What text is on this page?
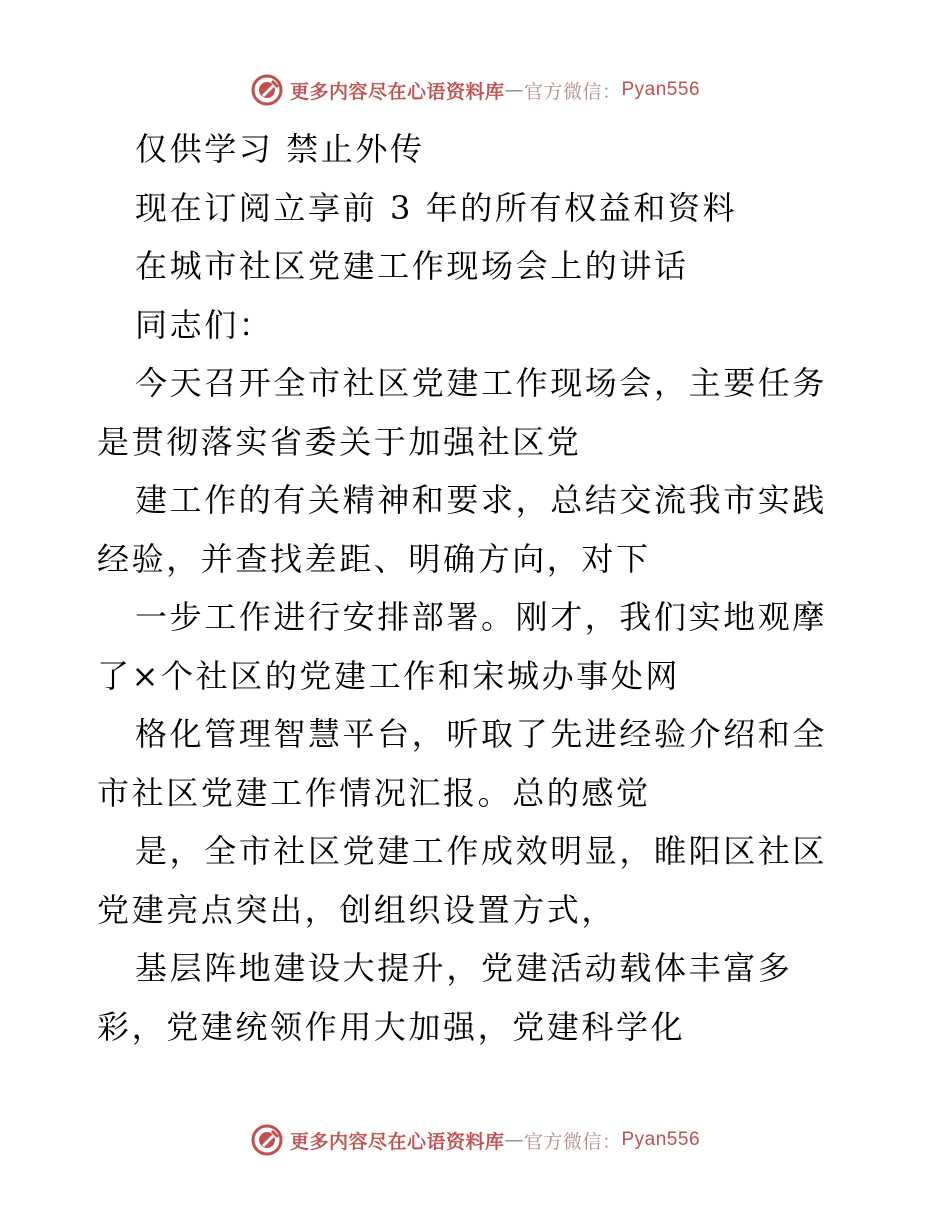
更多内容尽在心语资料库 — 官方微信： Pyan556

仅供学习 禁止外传

现在订阅立享前 3 年的所有权益和资料

在城市社区党建工作现场会上的讲话

同志们：

今天召开全市社区党建工作现场会，主要任务是贯彻落实省委关于加强社区党

建工作的有关精神和要求，总结交流我市实践经验，并查找差距、明确方向，对下

一步工作进行安排部署。刚才，我们实地观摩了×个社区的党建工作和宋城办事处网

格化管理智慧平台，听取了先进经验介绍和全市社区党建工作情况汇报。总的感觉

是，全市社区党建工作成效明显，睢阳区社区党建亮点突出，创组织设置方式，

基层阵地建设大提升，党建活动载体丰富多彩，党建统领作用大加强，党建科学化

更多内容尽在心语资料库 — 官方微信： Pyan556
